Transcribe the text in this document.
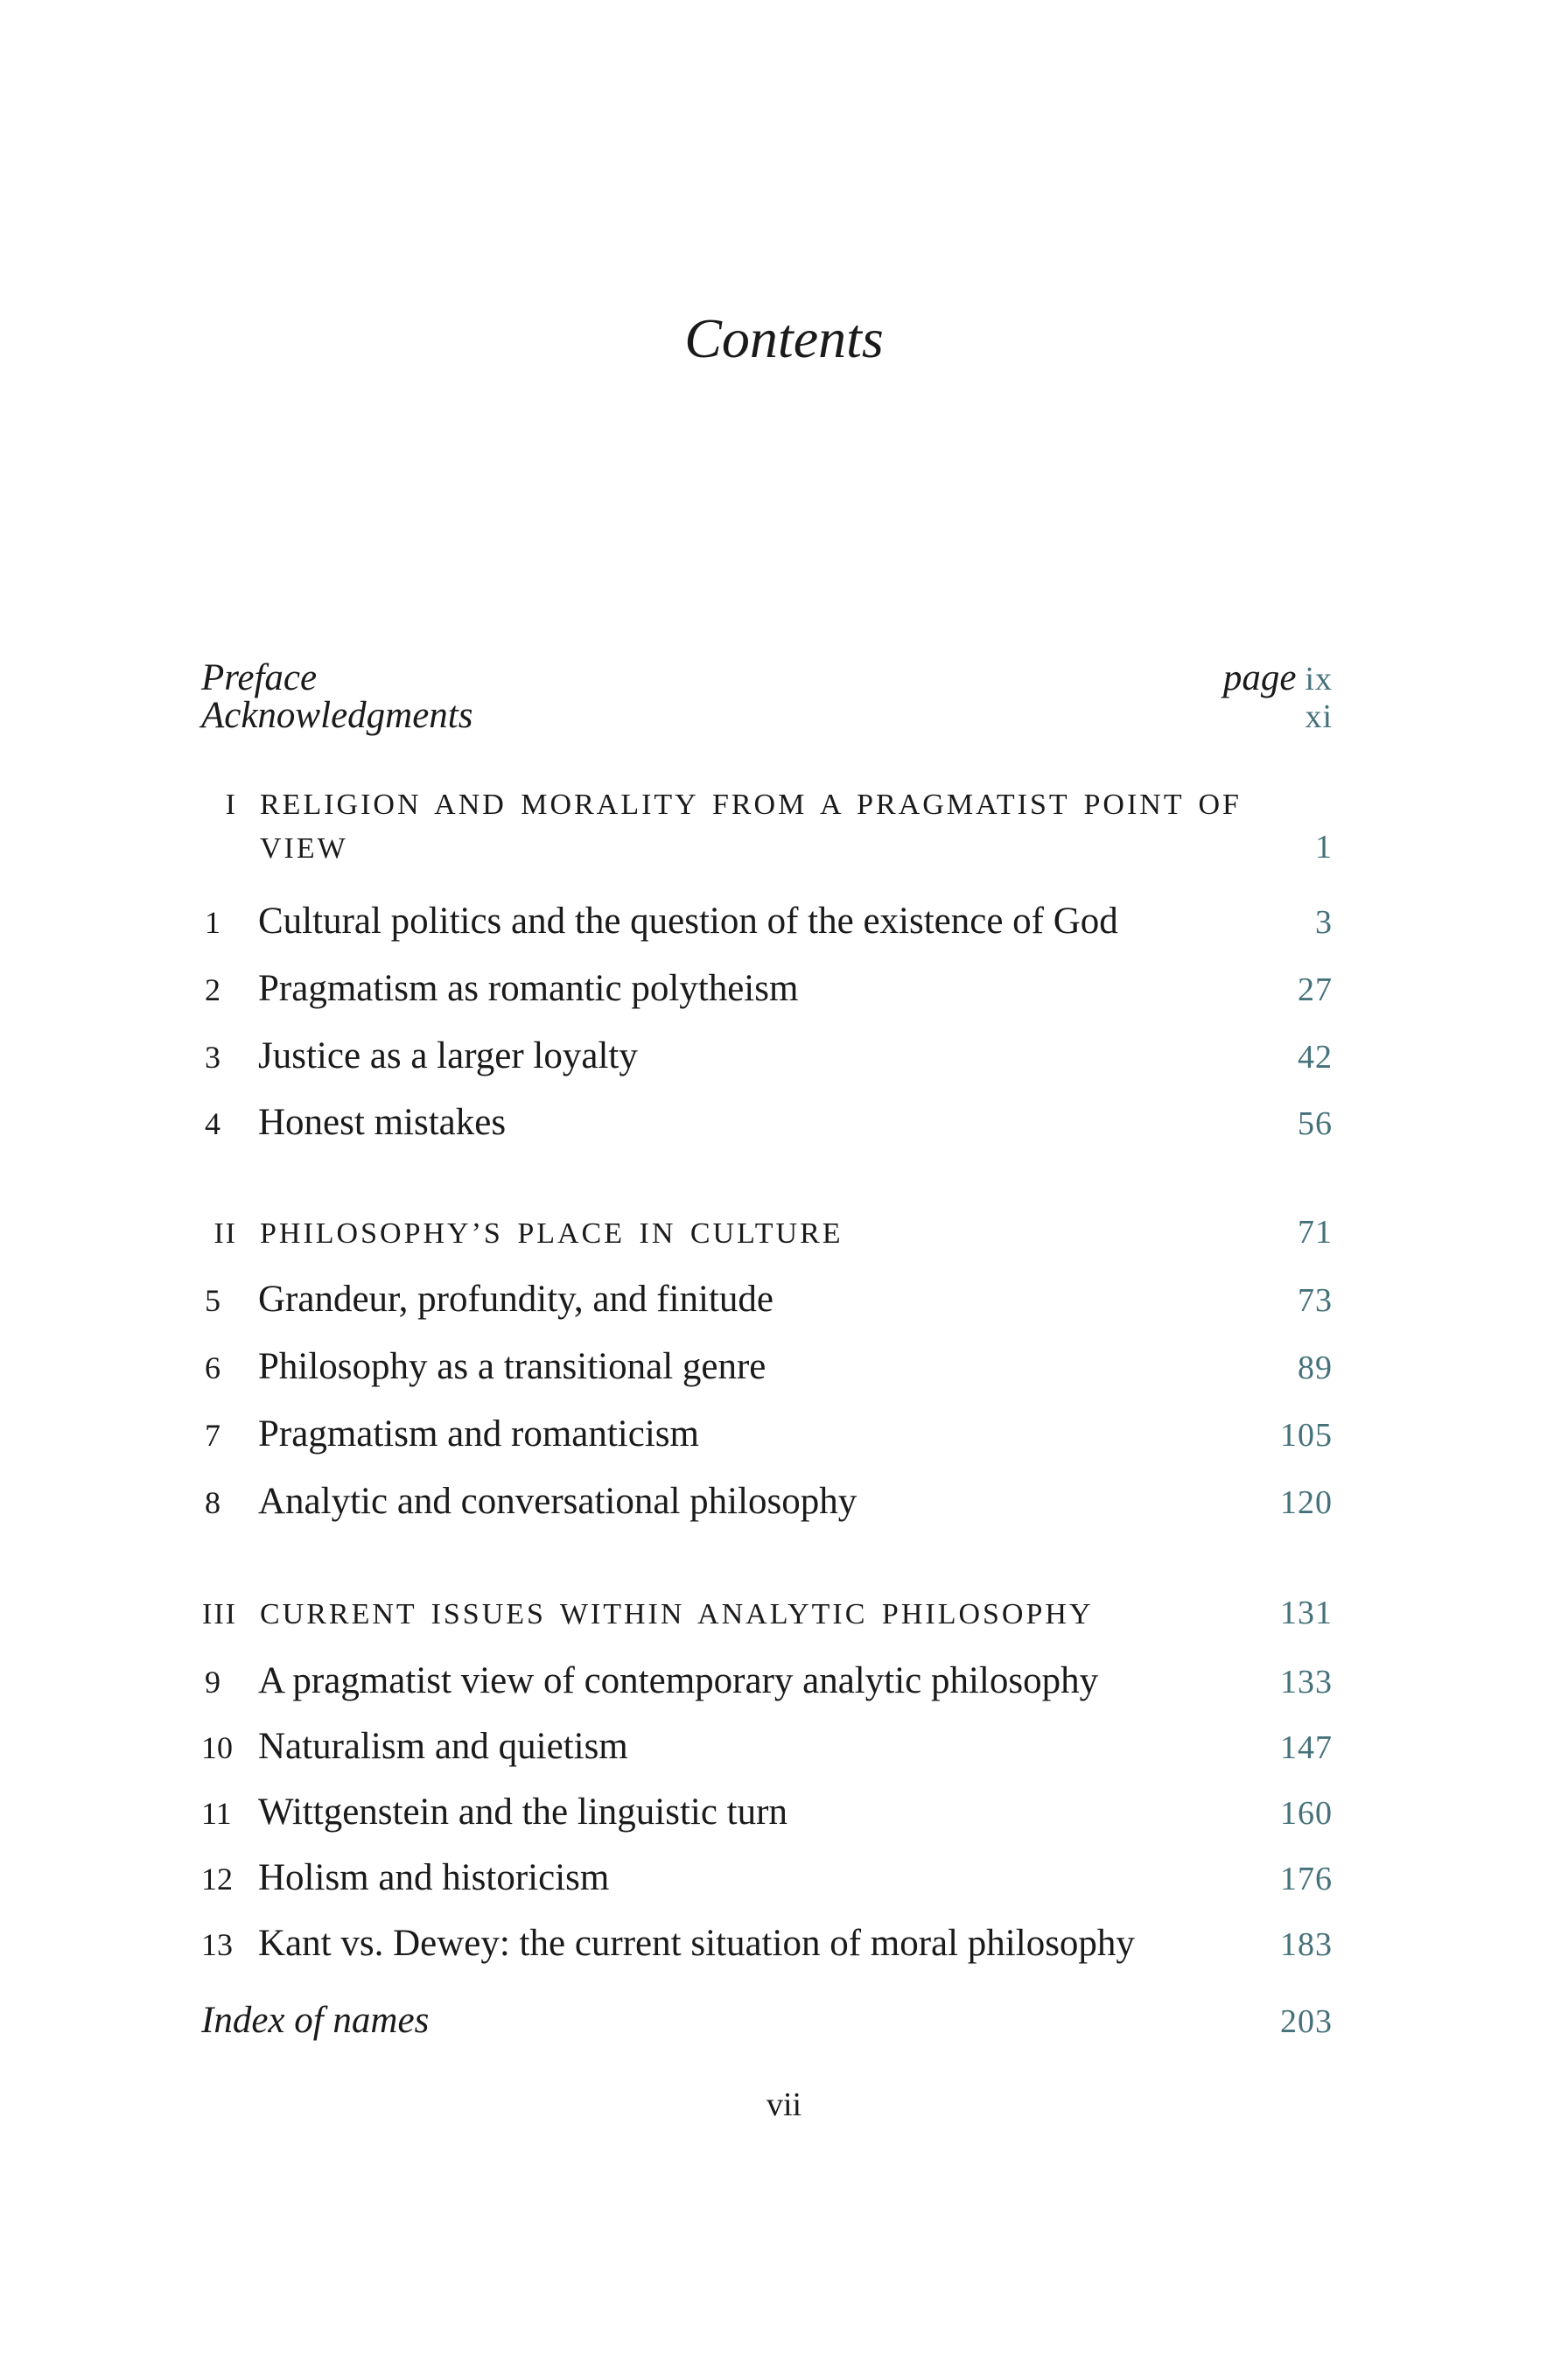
Contents
Preface	page ix
Acknowledgments	xi
I RELIGION AND MORALITY FROM A PRAGMATIST POINT OF
VIEW	1
1 Cultural politics and the question of the existence of God	3
2 Pragmatism as romantic polytheism	27
3 Justice as a larger loyalty	42
4 Honest mistakes	56
II PHILOSOPHY’S PLACE IN CULTURE	71
5 Grandeur, profundity, and finitude	73
6 Philosophy as a transitional genre	89
7 Pragmatism and romanticism	105
8 Analytic and conversational philosophy	120
III CURRENT ISSUES WITHIN ANALYTIC PHILOSOPHY	131
9 A pragmatist view of contemporary analytic philosophy	133
10 Naturalism and quietism	147
11 Wittgenstein and the linguistic turn	160
12 Holism and historicism	176
13 Kant vs. Dewey: the current situation of moral philosophy	183
Index of names	203
vii
